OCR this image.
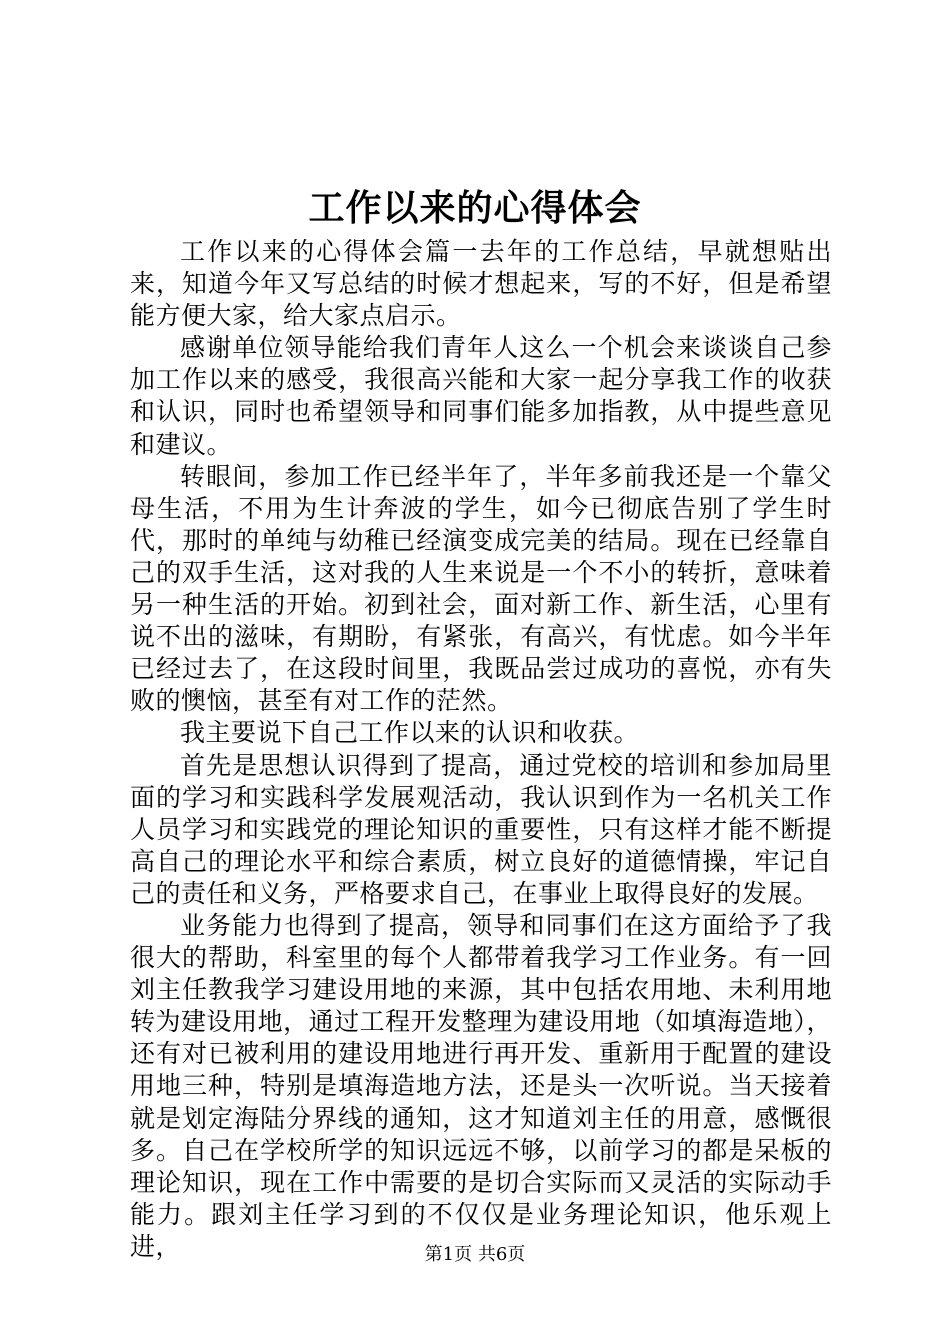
工作以来的心得体会

工作以来的心得体会篇一去年的工作总结，早就想贴出来，知道今年又写总结的时候才想起来，写的不好，但是希望能方便大家，给大家点启示。

感谢单位领导能给我们青年人这么一个机会来谈谈自己参加工作以来的感受，我很高兴能和大家一起分享我工作的收获和认识，同时也希望领导和同事们能多加指教，从中提些意见和建议。

转眼间，参加工作已经半年了，半年多前我还是一个靠父母生活，不用为生计奔波的学生，如今已彻底告别了学生时代，那时的单纯与幼稚已经演变成完美的结局。现在已经靠自己的双手生活，这对我的人生来说是一个不小的转折，意味着另一种生活的开始。初到社会，面对新工作、新生活，心里有说不出的滋味，有期盼，有紧张，有高兴，有忧虑。如今半年已经过去了，在这段时间里，我既品尝过成功的喜悦，亦有失败的懊恼，甚至有对工作的茫然。

我主要说下自己工作以来的认识和收获。

首先是思想认识得到了提高，通过党校的培训和参加局里面的学习和实践科学发展观活动，我认识到作为一名机关工作人员学习和实践党的理论知识的重要性，只有这样才能不断提高自己的理论水平和综合素质，树立良好的道德情操，牢记自己的责任和义务，严格要求自己，在事业上取得良好的发展。

业务能力也得到了提高，领导和同事们在这方面给予了我很大的帮助，科室里的每个人都带着我学习工作业务。有一回刘主任教我学习建设用地的来源，其中包括农用地、未利用地转为建设用地，通过工程开发整理为建设用地（如填海造地），还有对已被利用的建设用地进行再开发、重新用于配置的建设用地三种，特别是填海造地方法，还是头一次听说。当天接着就是划定海陆分界线的通知，这才知道刘主任的用意，感慨很多。自己在学校所学的知识远远不够，以前学习的都是呆板的理论知识，现在工作中需要的是切合实际而又灵活的实际动手能力。跟刘主任学习到的不仅仅是业务理论知识，他乐观上进，	第1页 共6页
